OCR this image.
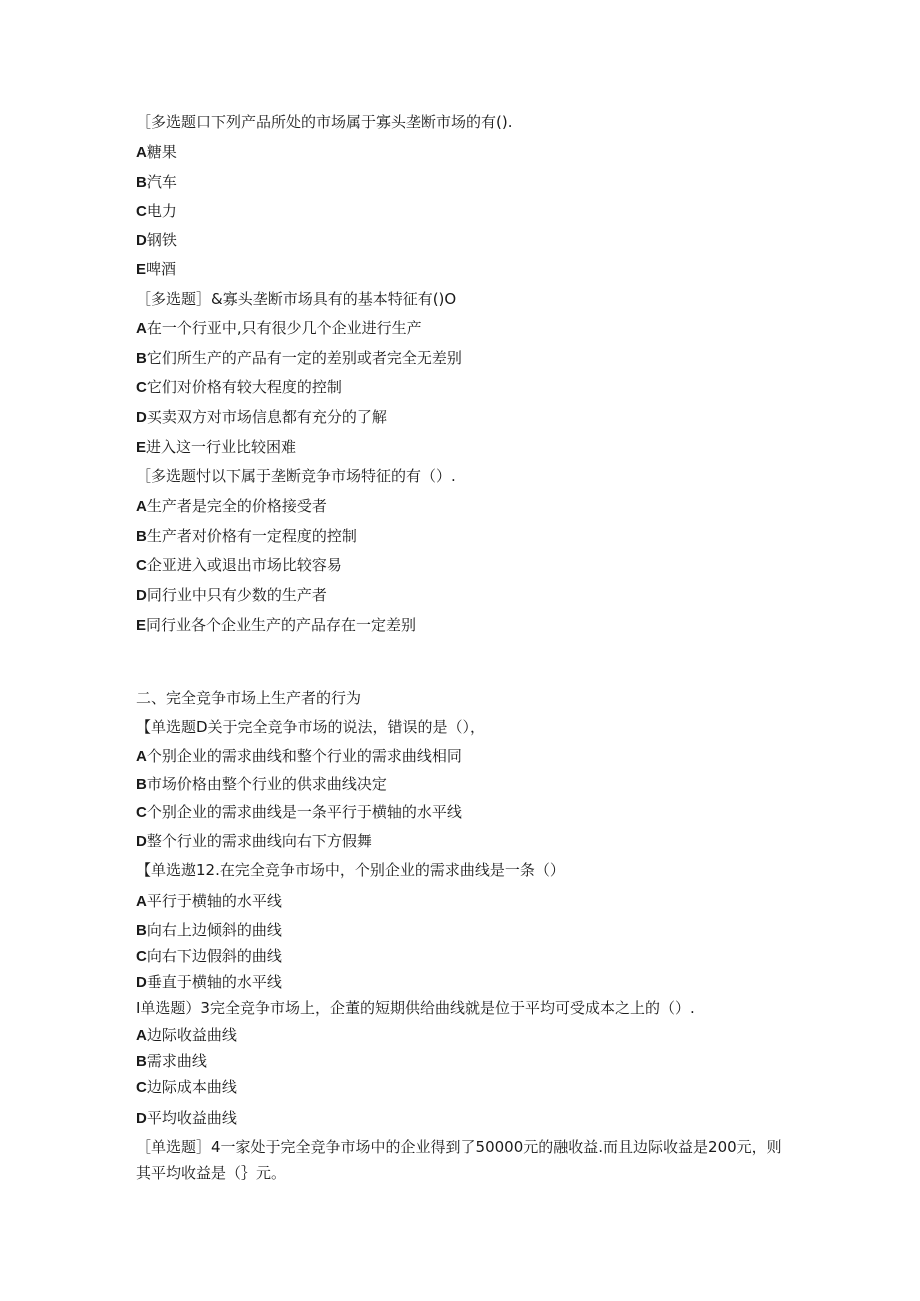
［多选题口下列产品所处的市场属于寡头垄断市场的有().
A糖果
B汽车
C电力
D钢铁
E啤酒
［多选题］&寡头垄断市场具有的基本特征有()O
A在一个行亚中,只有很少几个企业进行生产
B它们所生产的产品有一定的差别或者完全无差别
C它们对价格有较大程度的控制
D买卖双方对市场信息都有充分的了解
E进入这一行业比较困难
［多选题忖以下属于垄断竞争市场特征的有（）.
A生产者是完全的价格接受者
B生产者对价格有一定程度的控制
C企亚进入或退出市场比较容易
D同行业中只有少数的生产者
E同行业各个企业生产的产品存在一定差别
二、完全竞争市场上生产者的行为
【单选题D关于完全竞争市场的说法，错误的是（），
A个别企业的需求曲线和整个行业的需求曲线相同
B市场价格由整个行业的供求曲线决定
C个别企业的需求曲线是一条平行于横轴的水平线
D整个行业的需求曲线向右下方假舞
【单选遨12.在完全竞争市场中，个别企业的需求曲线是一条（）
A平行于横轴的水平线
B向右上边倾斜的曲线
C向右下边假斜的曲线
D垂直于横轴的水平线
I单选题）3完全竞争市场上，企董的短期供给曲线就是位于平均可受成本之上的（）.
A边际收益曲线
B需求曲线
C边际成本曲线
D平均收益曲线
［单选题］4一家处于完全竞争市场中的企业得到了50000元的融收益.而且边际收益是200元，则其平均收益是（｝元。
